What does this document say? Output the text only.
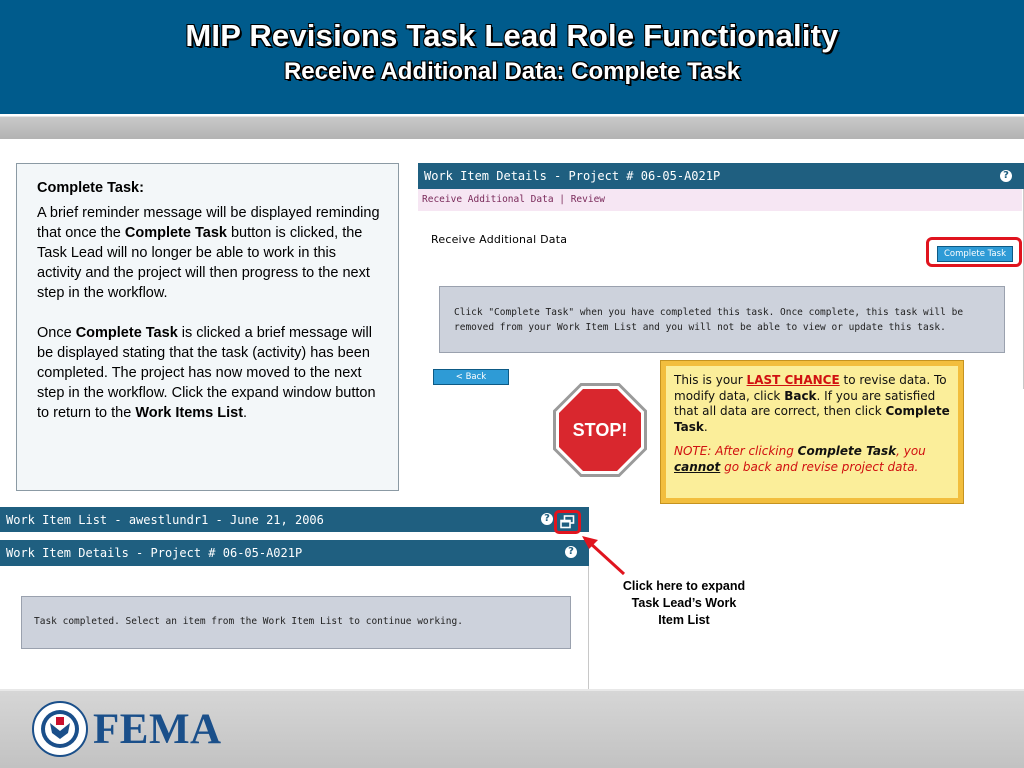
MIP Revisions Task Lead Role Functionality
Receive Additional Data: Complete Task

Complete Task:

A brief reminder message will be displayed reminding that once the Complete Task button is clicked, the Task Lead will no longer be able to work in this activity and the project will then progress to the next step in the workflow.

Once Complete Task is clicked a brief message will be displayed stating that the task (activity) has been completed. The project has now moved to the next step in the workflow. Click the expand window button to return to the Work Items List.

Work Item Details - Project # 06-05-A021P	?
Receive Additional Data | Review
Receive Additional Data
Complete Task
Click "Complete Task" when you have completed this task. Once complete, this task will be removed from your Work Item List and you will not be able to view or update this task.
< Back
STOP!

This is your LAST CHANCE to revise data. To modify data, click Back. If you are satisfied that all data are correct, then click Complete Task.

NOTE: After clicking Complete Task, you cannot go back and revise project data.

Work Item List - awestlundr1 - June 21, 2006	?
Work Item Details - Project # 06-05-A021P	?
Task completed. Select an item from the Work Item List to continue working.
Click here to expand
Task Lead’s Work
Item List
FEMA
